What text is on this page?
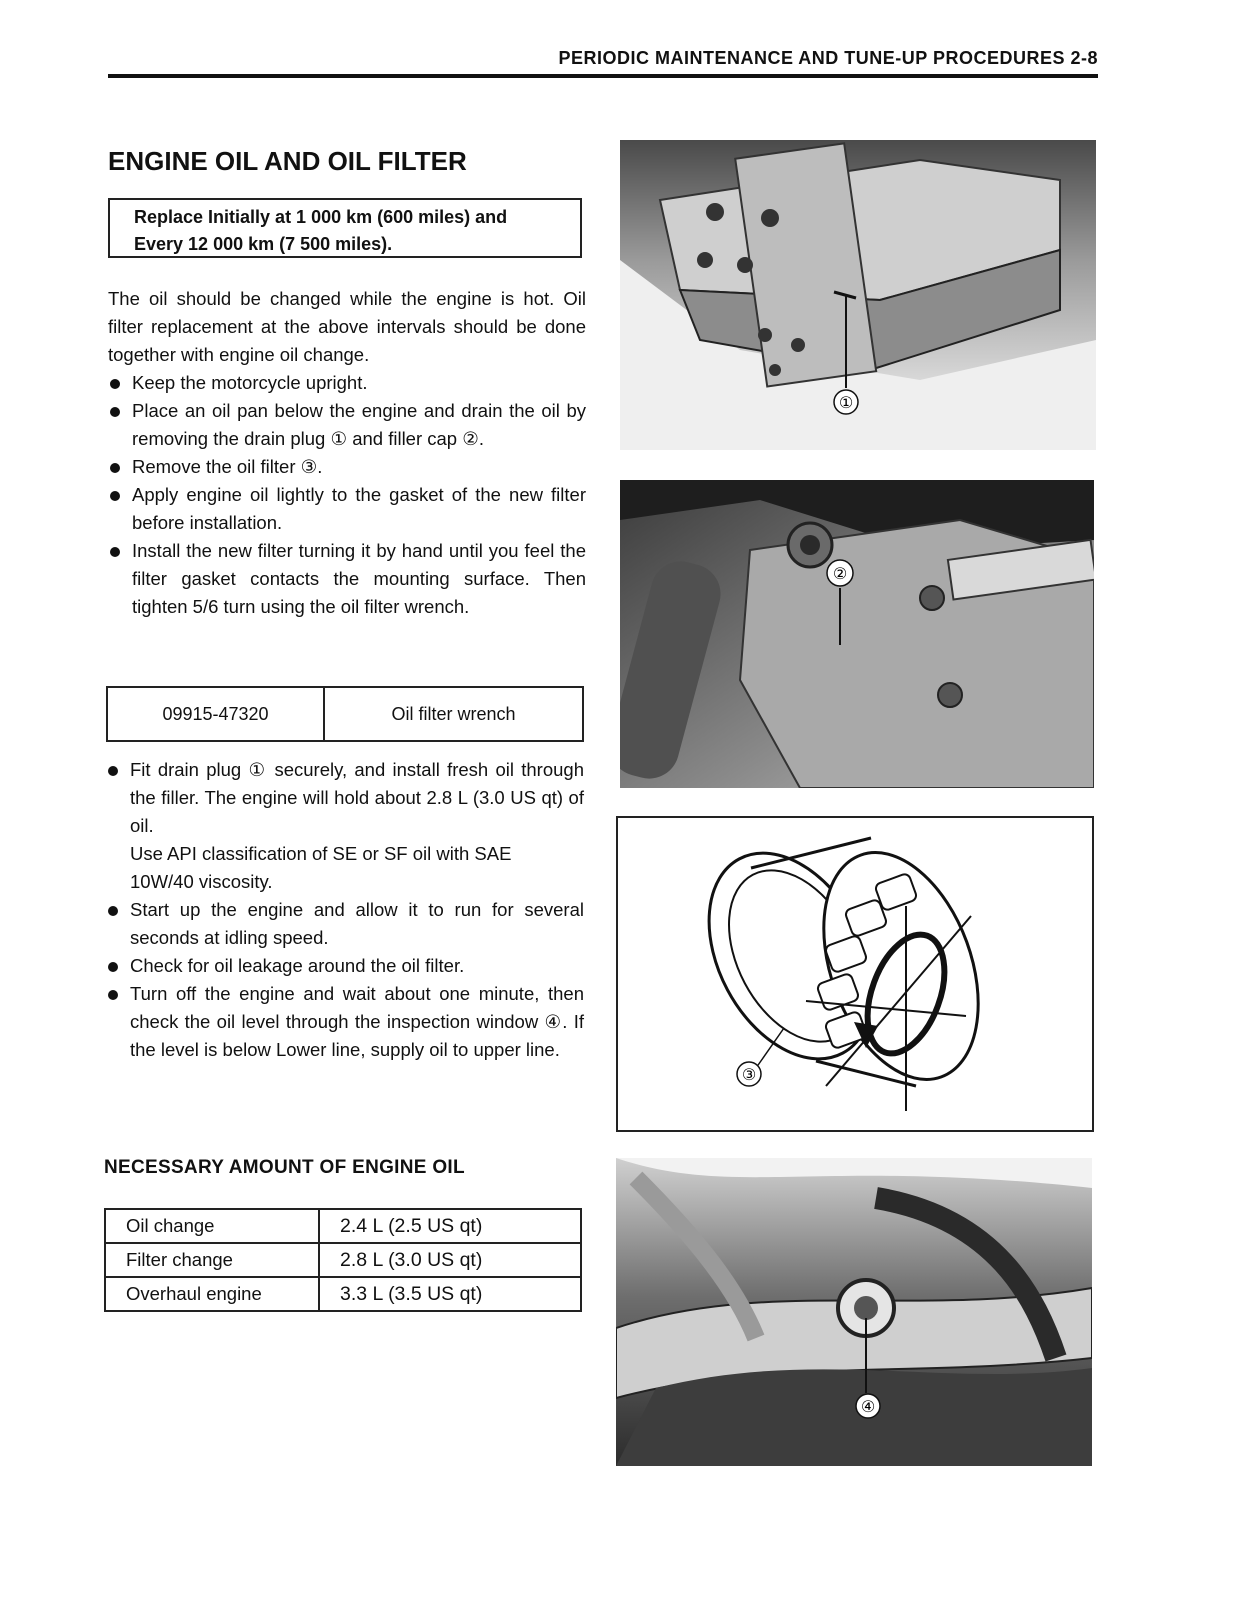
PERIODIC MAINTENANCE AND TUNE-UP PROCEDURES 2-8
ENGINE OIL AND OIL FILTER
Replace Initially at 1 000 km (600 miles) and
Every 12 000 km (7 500 miles).

The oil should be changed while the engine is hot. Oil filter replacement at the above intervals should be done together with engine oil change.

Keep the motorcycle upright.
Place an oil pan below the engine and drain the oil by removing the drain plug ① and filler cap ②.
Remove the oil filter ③.
Apply engine oil lightly to the gasket of the new filter before installation.
Install the new filter turning it by hand until you feel the filter gasket contacts the mounting surface. Then tighten 5/6 turn using the oil filter wrench.
09915-47320	Oil filter wrench
Fit drain plug ① securely, and install fresh oil through the filler. The engine will hold about 2.8 L (3.0 US qt) of oil.
Use API classification of SE or SF oil with SAE
10W/40 viscosity.
Start up the engine and allow it to run for several seconds at idling speed.
Check for oil leakage around the oil filter.
Turn off the engine and wait about one minute, then check the oil level through the inspection window ④. If the level is below Lower line, supply oil to upper line.
NECESSARY AMOUNT OF ENGINE OIL
Oil change	2.4 L (2.5 US qt)
Filter change	2.8 L (3.0 US qt)
Overhaul engine	3.3 L (3.5 US qt)
①
②
③
④
